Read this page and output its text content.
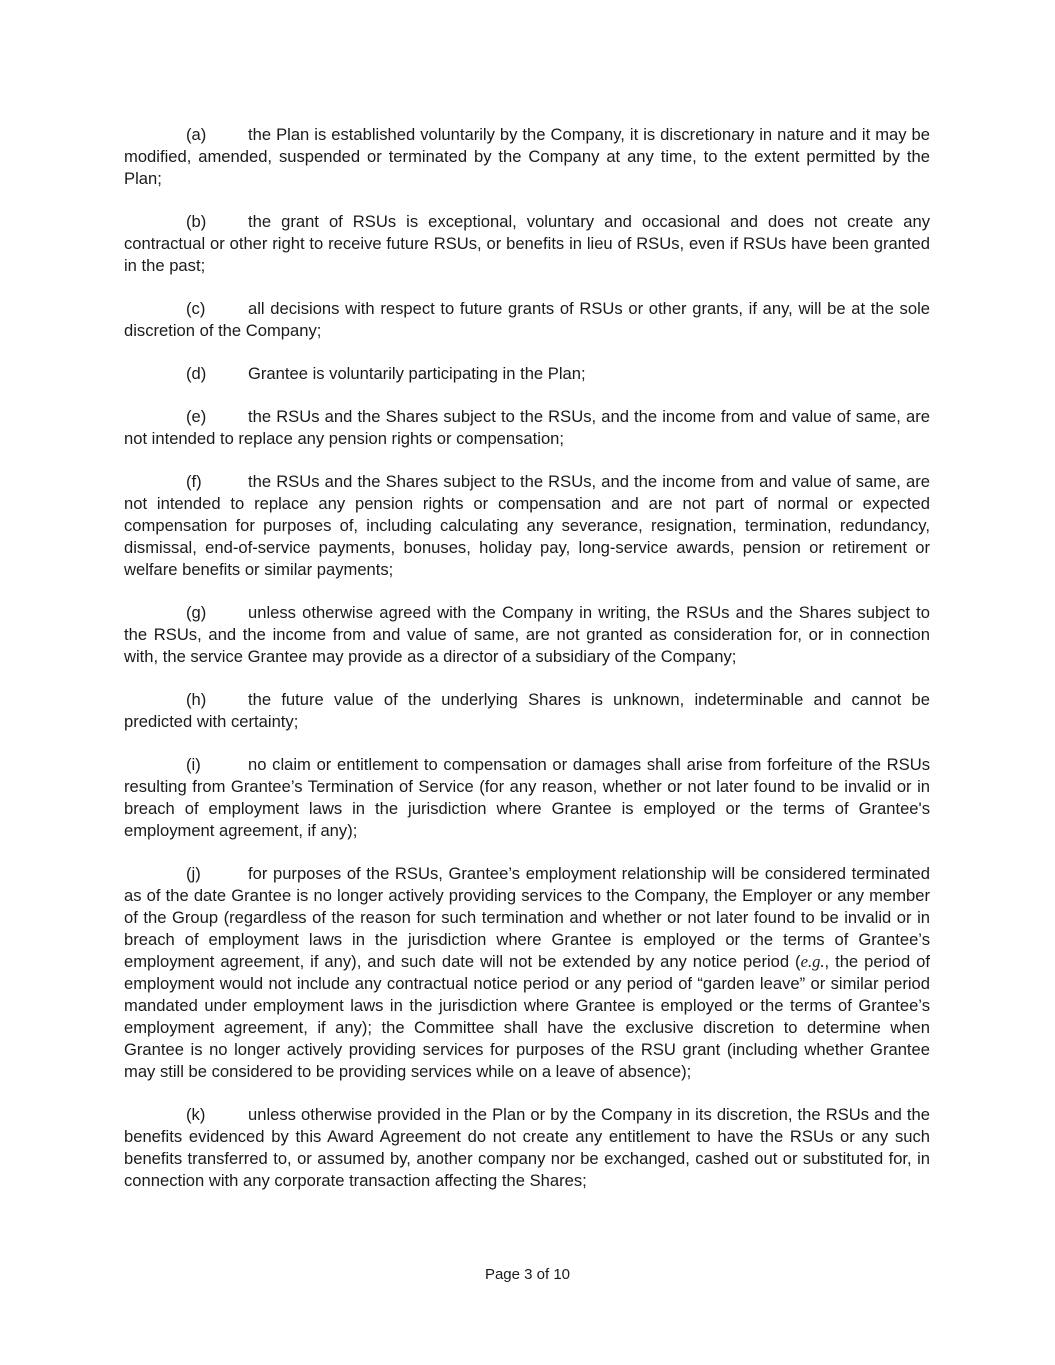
(a)	the Plan is established voluntarily by the Company, it is discretionary in nature and it may be modified, amended, suspended or terminated by the Company at any time, to the extent permitted by the Plan;

(b)	the grant of RSUs is exceptional, voluntary and occasional and does not create any contractual or other right to receive future RSUs, or benefits in lieu of RSUs, even if RSUs have been granted in the past;

(c)	all decisions with respect to future grants of RSUs or other grants, if any, will be at the sole discretion of the Company;

(d)	Grantee is voluntarily participating in the Plan;

(e)	the RSUs and the Shares subject to the RSUs, and the income from and value of same, are not intended to replace any pension rights or compensation;

(f)	the RSUs and the Shares subject to the RSUs, and the income from and value of same, are not intended to replace any pension rights or compensation and are not part of normal or expected compensation for purposes of, including calculating any severance, resignation, termination, redundancy, dismissal, end-of-service payments, bonuses, holiday pay, long-service awards, pension or retirement or welfare benefits or similar payments;

(g)	unless otherwise agreed with the Company in writing, the RSUs and the Shares subject to the RSUs, and the income from and value of same, are not granted as consideration for, or in connection with, the service Grantee may provide as a director of a subsidiary of the Company;

(h)	the future value of the underlying Shares is unknown, indeterminable and cannot be predicted with certainty;

(i)	no claim or entitlement to compensation or damages shall arise from forfeiture of the RSUs resulting from Grantee’s Termination of Service (for any reason, whether or not later found to be invalid or in breach of employment laws in the jurisdiction where Grantee is employed or the terms of Grantee's employment agreement, if any);

(j)	for purposes of the RSUs, Grantee’s employment relationship will be considered terminated as of the date Grantee is no longer actively providing services to the Company, the Employer or any member of the Group (regardless of the reason for such termination and whether or not later found to be invalid or in breach of employment laws in the jurisdiction where Grantee is employed or the terms of Grantee’s employment agreement, if any), and such date will not be extended by any notice period (e.g., the period of employment would not include any contractual notice period or any period of “garden leave” or similar period mandated under employment laws in the jurisdiction where Grantee is employed or the terms of Grantee’s employment agreement, if any); the Committee shall have the exclusive discretion to determine when Grantee is no longer actively providing services for purposes of the RSU grant (including whether Grantee may still be considered to be providing services while on a leave of absence);

(k)	unless otherwise provided in the Plan or by the Company in its discretion, the RSUs and the benefits evidenced by this Award Agreement do not create any entitlement to have the RSUs or any such benefits transferred to, or assumed by, another company nor be exchanged, cashed out or substituted for, in connection with any corporate transaction affecting the Shares;

Page 3 of 10
